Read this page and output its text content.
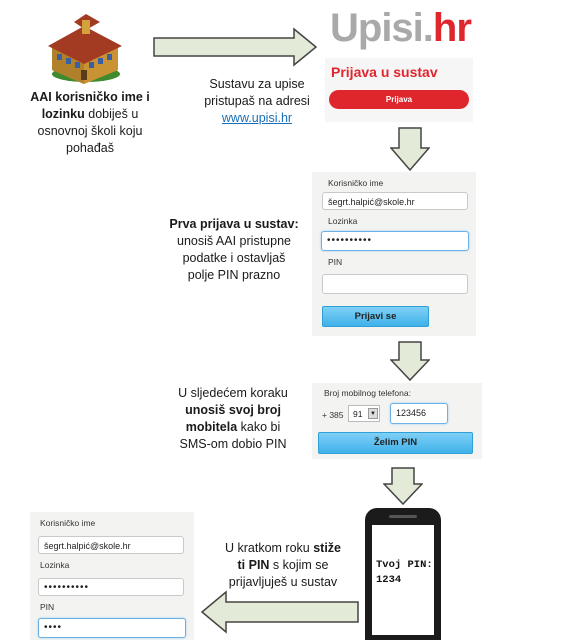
AAI korisničko ime i lozinku dobiješ u osnovnoj školi koju pohađaš
Upisi.hr
Prijava u sustav
Prijava
Sustavu za upise
pristupaš na adresi
www.upisi.hr
Korisničko ime
šegrt.halpić@skole.hr
Lozinka
••••••••••
PIN
Prijavi se
Prva prijava u sustav:
unosiš AAI pristupne
podatke i ostavljaš
polje PIN prazno
Broj mobilnog telefona:
+ 385	91	▼	123456
Želim PIN
U sljedećem koraku
unosiš svoj broj
mobitela kako bi
SMS-om dobio PIN
Tvoj PIN:
1234
U kratkom roku stiže
ti PIN s kojim se
prijavljuješ u sustav
Korisničko ime
šegrt.halpić@skole.hr
Lozinka
••••••••••
PIN
••••
